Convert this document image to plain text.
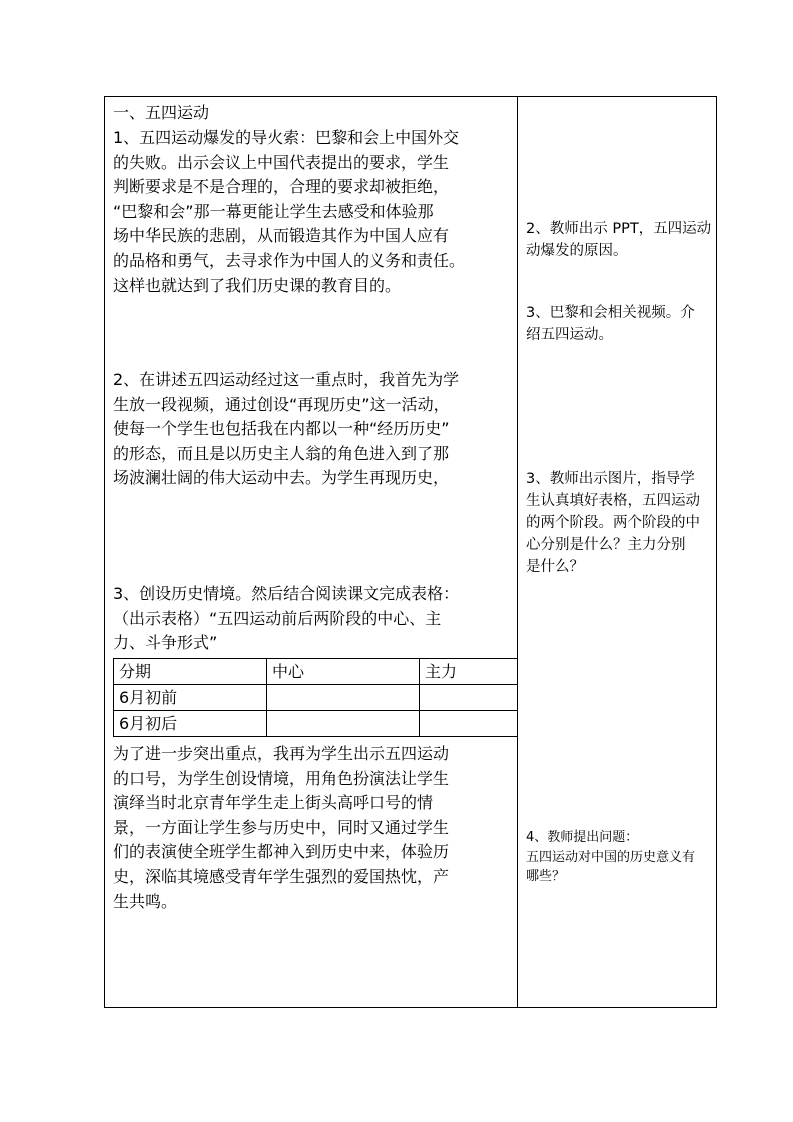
一、五四运动

1、五四运动爆发的导火索：巴黎和会上中国外交
的失败。出示会议上中国代表提出的要求，学生
判断要求是不是合理的，合理的要求却被拒绝，
“巴黎和会”那一幕更能让学生去感受和体验那
场中华民族的悲剧，从而锻造其作为中国人应有
的品格和勇气，去寻求作为中国人的义务和责任。
这样也就达到了我们历史课的教育目的。

2、在讲述五四运动经过这一重点时，我首先为学
生放一段视频，通过创设“再现历史”这一活动，
使每一个学生也包括我在内都以一种“经历历史”
的形态，而且是以历史主人翁的角色进入到了那
场波澜壮阔的伟大运动中去。为学生再现历史，

3、创设历史情境。然后结合阅读课文完成表格：
（出示表格）“五四运动前后两阶段的中心、主
力、斗争形式”

分期	中心	主力
6月初前		
6月初后		

为了进一步突出重点，我再为学生出示五四运动
的口号，为学生创设情境，用角色扮演法让学生
演绎当时北京青年学生走上街头高呼口号的情
景，一方面让学生参与历史中，同时又通过学生
们的表演使全班学生都神入到历史中来，体验历
史，深临其境感受青年学生强烈的爱国热忱，产
生共鸣。

2、教师出示 PPT，五四运动
动爆发的原因。

3、巴黎和会相关视频。介
绍五四运动。

3、教师出示图片，指导学
生认真填好表格，五四运动
的两个阶段。两个阶段的中
心分别是什么？主力分别
是什么？

4、教师提出问题：
五四运动对中国的历史意义有
哪些？
